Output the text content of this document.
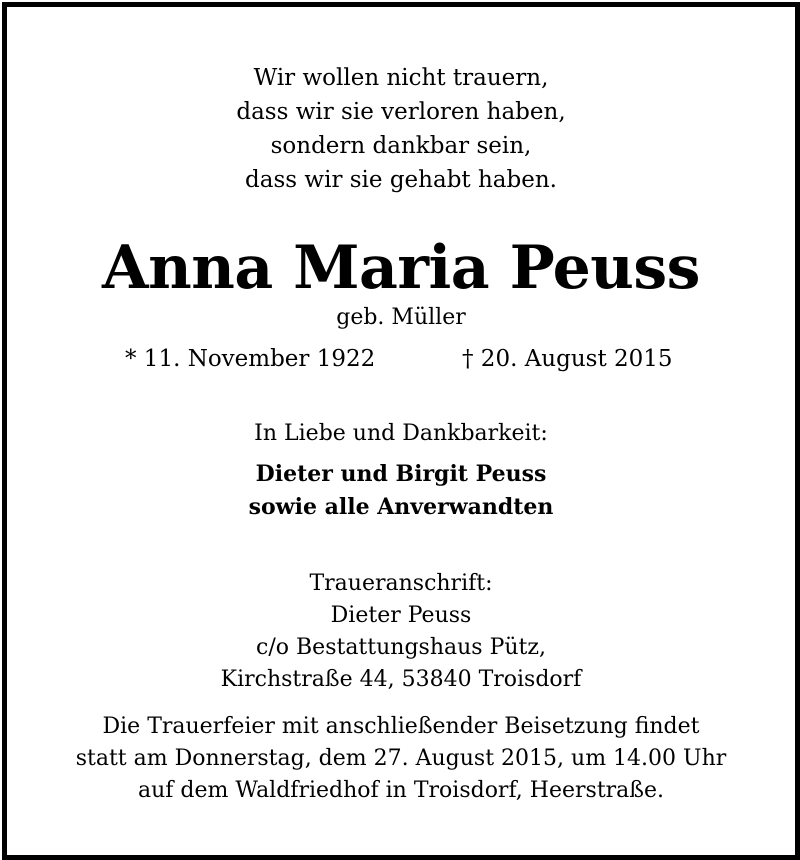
Wir wollen nicht trauern,

dass wir sie verloren haben,

sondern dankbar sein,

dass wir sie gehabt haben.

Anna Maria Peuss

geb. Müller

* 11. November 1922	† 20. August 2015

In Liebe und Dankbarkeit:

Dieter und Birgit Peuss

sowie alle Anverwandten

Traueranschrift:

Dieter Peuss

c/o Bestattungshaus Pütz,

Kirchstraße 44, 53840 Troisdorf

Die Trauerfeier mit anschließender Beisetzung findet

statt am Donnerstag, dem 27. August 2015, um 14.00 Uhr

auf dem Waldfriedhof in Troisdorf, Heerstraße.
